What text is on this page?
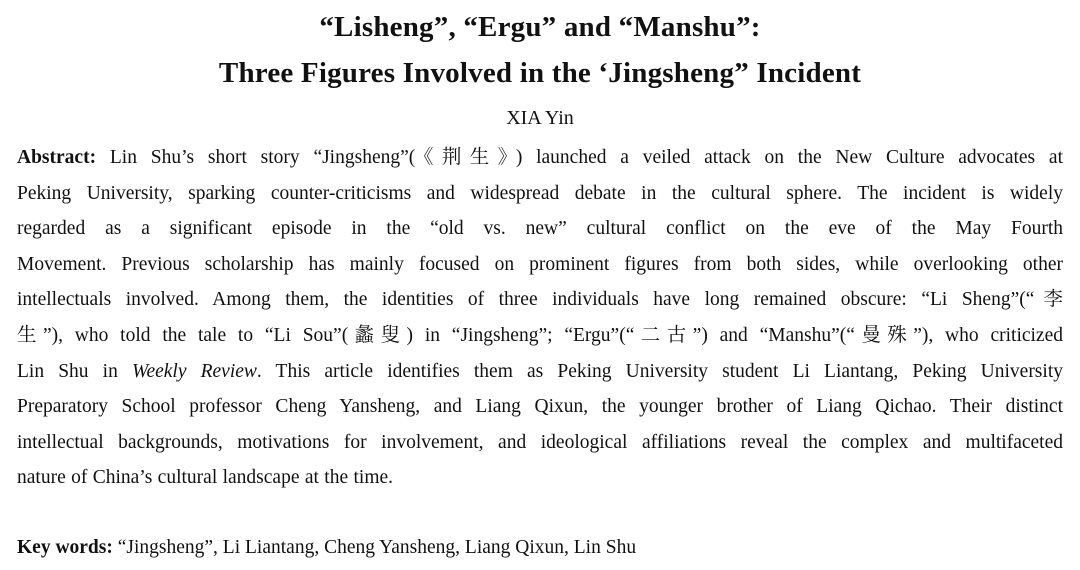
“Lisheng”, “Ergu” and “Manshu”:
Three Figures Involved in the ‘Jingsheng” Incident
XIA Yin
Abstract: Lin Shu’s short story “Jingsheng”(《荆生》) launched a veiled attack on the New Culture advocates at
Peking University, sparking counter-criticisms and widespread debate in the cultural sphere. The incident is widely
regarded as a significant episode in the “old vs. new” cultural conflict on the eve of the May Fourth
Movement. Previous scholarship has mainly focused on prominent figures from both sides, while overlooking other
intellectuals involved. Among them, the identities of three individuals have long remained obscure: “Li Sheng”(“李
生”), who told the tale to “Li Sou”(蠡叟) in “Jingsheng”; “Ergu”(“二古”) and “Manshu”(“曼殊”), who criticized
Lin Shu in Weekly Review. This article identifies them as Peking University student Li Liantang, Peking University
Preparatory School professor Cheng Yansheng, and Liang Qixun, the younger brother of Liang Qichao. Their distinct
intellectual backgrounds, motivations for involvement, and ideological affiliations reveal the complex and multifaceted
nature of China’s cultural landscape at the time.
Key words: “Jingsheng”, Li Liantang, Cheng Yansheng, Liang Qixun, Lin Shu
